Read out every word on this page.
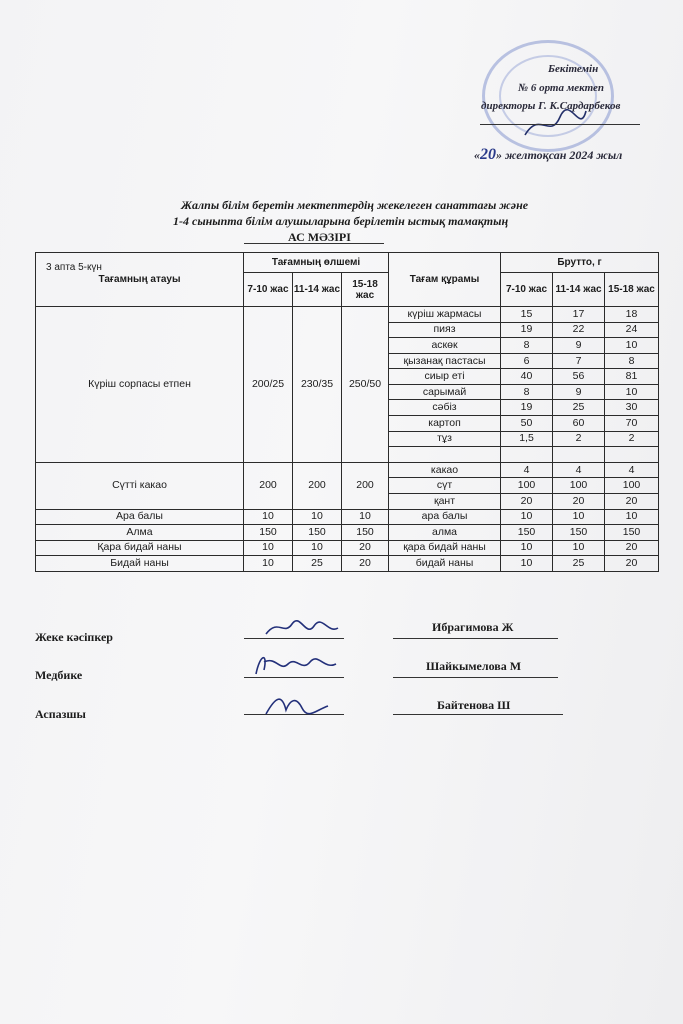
Бекітемін
№ 6 орта мектеп
директоры Г. К.Сардарбеков
«20» желтоқсан 2024 жыл
Жалпы білім беретін мектептердің жекелеген санаттағы және
1-4 сыныпта білім алушыларына берілетін ыстық тамақтың
АС МӘЗІРІ
3 апта 5-күн
Тағамның атауы	Тағамның өлшемі			Тағам құрамы	Брутто, г		
	7-10 жас	11-14 жас	15-18 жас		7-10 жас	11-14 жас	15-18 жас

Күріш сорпасы етпен	200/25	230/35	250/50	күріш жармасы	15	17	18
				пияз	19	22	24
				аскөк	8	9	10
				қызанақ пастасы	6	7	8
				сиыр еті	40	56	81
				сарымай	8	9	10
				сәбіз	19	25	30
				картоп	50	60	70
				тұз	1,5	2	2

Сүтті какао	200	200	200	какао	4	4	4
				сүт	100	100	100
				қант	20	20	20
Ара балы	10	10	10	ара балы	10	10	10
Алма	150	150	150	алма	150	150	150
Қара бидай наны	10	10	20	қара бидай наны	10	10	20
Бидай наны	10	25	20	бидай наны	10	25	20
Жеке кәсіпкер
Ибрагимова Ж
Медбике
Шайкымелова М
Аспазшы
Байтенова Ш
